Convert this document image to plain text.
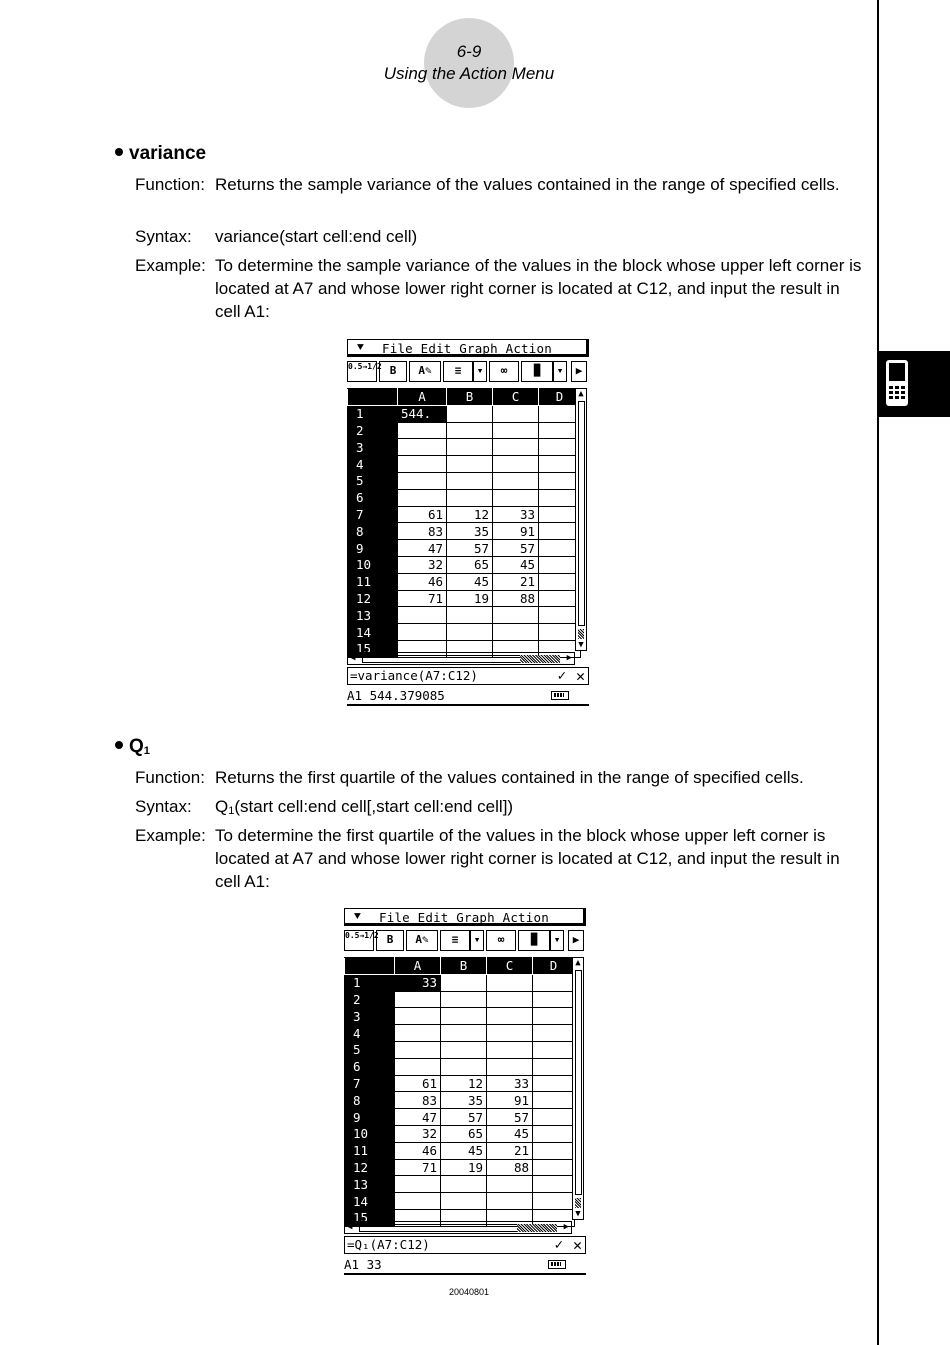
6-9
Using the Action Menu
variance
Function: Returns the sample variance of the values contained in the range of specified cells.
Syntax:	variance(start cell:end cell)
Example: To determine the sample variance of the values in the block whose upper left corner is located at A7 and whose lower right corner is located at C12, and input the result in cell A1:
⯆ File Edit Graph Action
0.5→1/2 B	A✎	≡	▾	∞	▐▌	▾	▶
	A	B	C	D
1	544.			
2				
3				
4				
5				
6				
7	61	12	33	
8	83	35	91	
9	47	57	57	
10	32	65	45	
11	46	45	21	
12	71	19	88	
13				
14				
15				
▲
▼
◀	▶
=variance(A7:C12)	✓ ✕
A1 544.379085
$Q_1$
Function: Returns the first quartile of the values contained in the range of specified cells.
Syntax:	$Q_1(start$ cell:end cell[,start cell:end cell])
Example: To determine the first quartile of the values in the block whose upper left corner is located at A7 and whose lower right corner is located at C12, and input the result in cell A1:
⯆ File Edit Graph Action
0.5→1/2 B	A✎	≡	▾	∞	▐▌	▾	▶
	A	B	C	D
1	33			
2				
3				
4				
5				
6				
7	61	12	33	
8	83	35	91	
9	47	57	57	
10	32	65	45	
11	46	45	21	
12	71	19	88	
13				
14				
15				
▲
▼
◀	▶
=Q₁(A7:C12)	✓ ✕
A1 33
20040801
